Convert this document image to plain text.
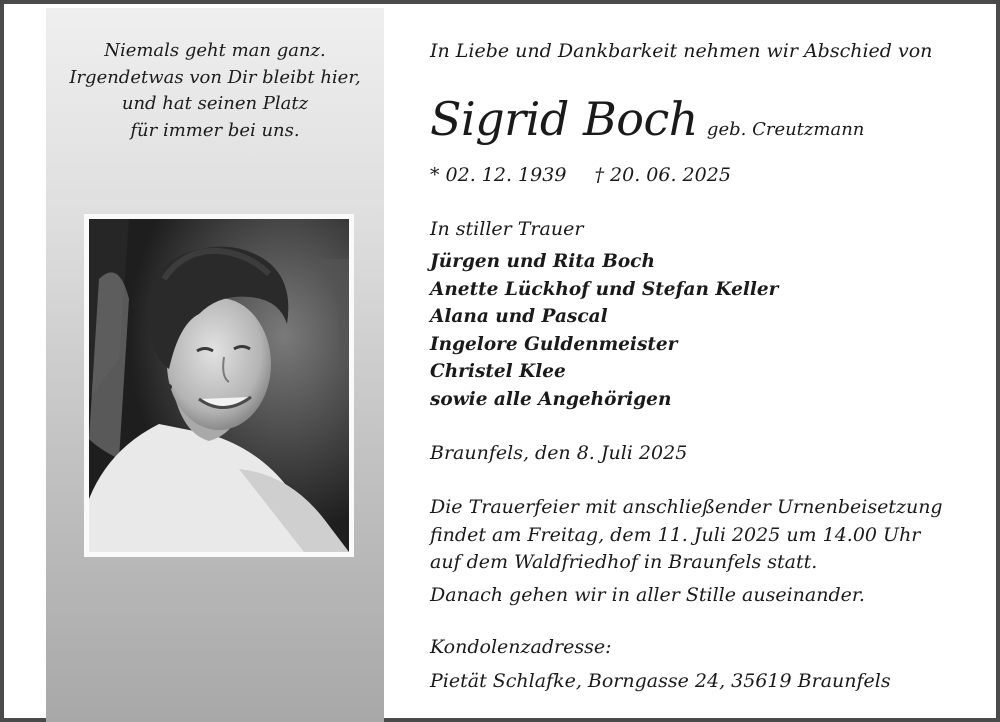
Niemals geht man ganz.
Irgendetwas von Dir bleibt hier,
und hat seinen Platz
für immer bei uns.
In Liebe und Dankbarkeit nehmen wir Abschied von
Sigrid Boch geb. Creutzmann
* 02. 12. 1939 † 20. 06. 2025
In stiller Trauer
Jürgen und Rita Boch
Anette Lückhof und Stefan Keller
Alana und Pascal
Ingelore Guldenmeister
Christel Klee
sowie alle Angehörigen
Braunfels, den 8. Juli 2025
Die Trauerfeier mit anschließender Urnenbeisetzung
findet am Freitag, dem 11. Juli 2025 um 14.00 Uhr
auf dem Waldfriedhof in Braunfels statt.
Danach gehen wir in aller Stille auseinander.
Kondolenzadresse:
Pietät Schlafke, Borngasse 24, 35619 Braunfels
